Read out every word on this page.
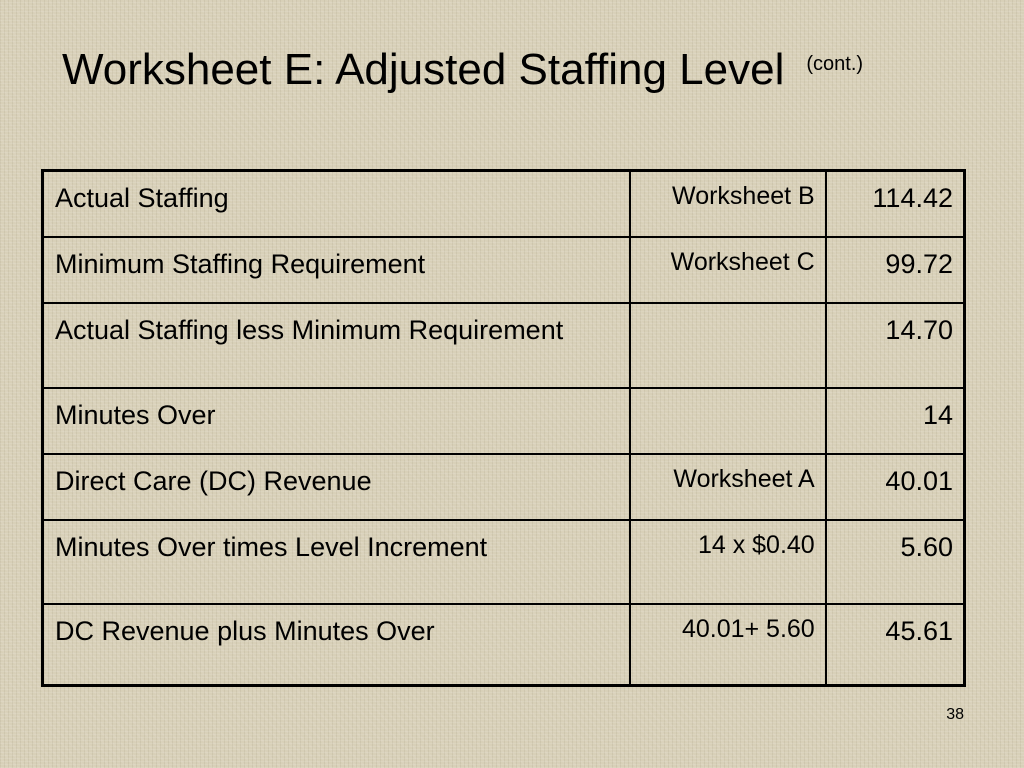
Worksheet E: Adjusted Staffing Level $^{(cont.)}$
Actual Staffing	Worksheet B	114.42
Minimum Staffing Requirement	Worksheet C	99.72
Actual Staffing less Minimum Requirement		14.70
Minutes Over		14
Direct Care (DC) Revenue	Worksheet A	40.01
Minutes Over times Level Increment	14 x $0.40	5.60
DC Revenue plus Minutes Over	40.01+ 5.60	45.61
38
